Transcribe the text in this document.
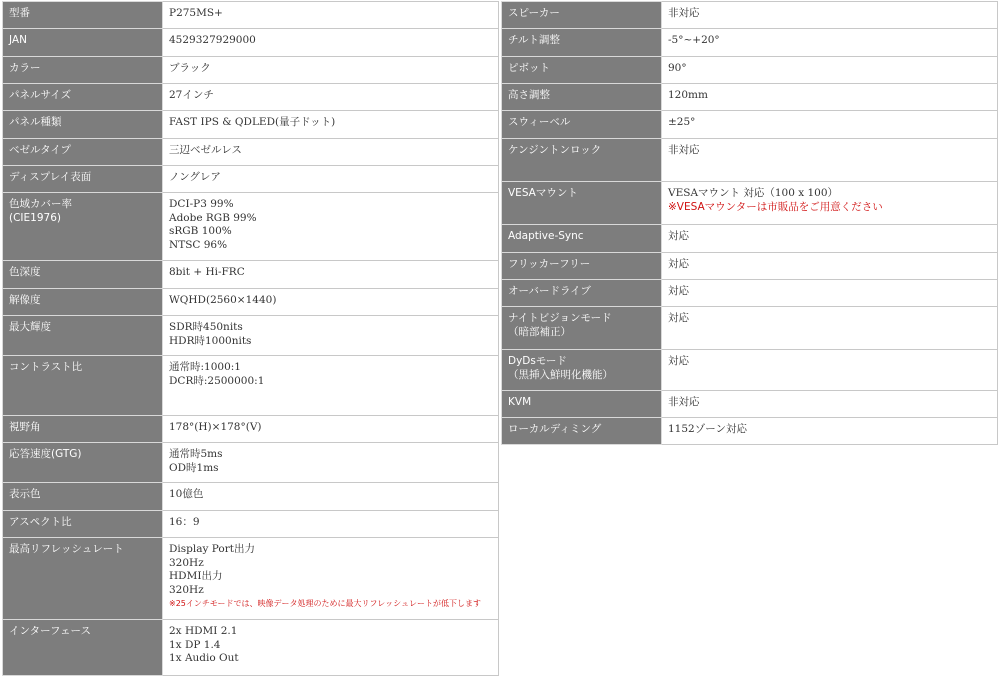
型番	P275MS+

JAN	4529327929000

カラー	ブラック

パネルサイズ	27インチ

パネル種類	FAST IPS & QDLED(量子ドット)

ベゼルタイプ	三辺ベゼルレス

ディスプレイ表面	ノングレア

色域カバー率
(CIE1976)	DCI-P3 99%
Adobe RGB 99%
sRGB 100%
NTSC 96%

色深度	8bit + Hi-FRC

解像度	WQHD(2560×1440)

最大輝度	SDR時450nits
HDR時1000nits

コントラスト比	通常時:1000:1
DCR時:2500000:1

視野角	178°(H)×178°(V)

応答速度(GTG)	通常時5ms
OD時1ms

表示色	10億色

アスペクト比	16：9

最高リフレッシュレート	Display Port出力
320Hz
HDMI出力
320Hz
※25インチモードでは、映像データ処理のために最大リフレッシュレートが低下します

インターフェース	2x HDMI 2.1
1x DP 1.4
1x Audio Out
スピーカー	非対応

チルト調整	-5°~+20°

ピボット	90°

高さ調整	120mm

スウィーベル	±25°

ケンジントンロック	非対応

VESAマウント	VESAマウント 対応（100 x 100）
※VESAマウンターは市販品をご用意ください

Adaptive-Sync	対応

フリッカーフリー	対応

オーバードライブ	対応

ナイトビジョンモード
（暗部補正）	対応

DyDsモード
（黒挿入鮮明化機能）	対応

KVM	非対応

ローカルディミング	1152ゾーン対応
